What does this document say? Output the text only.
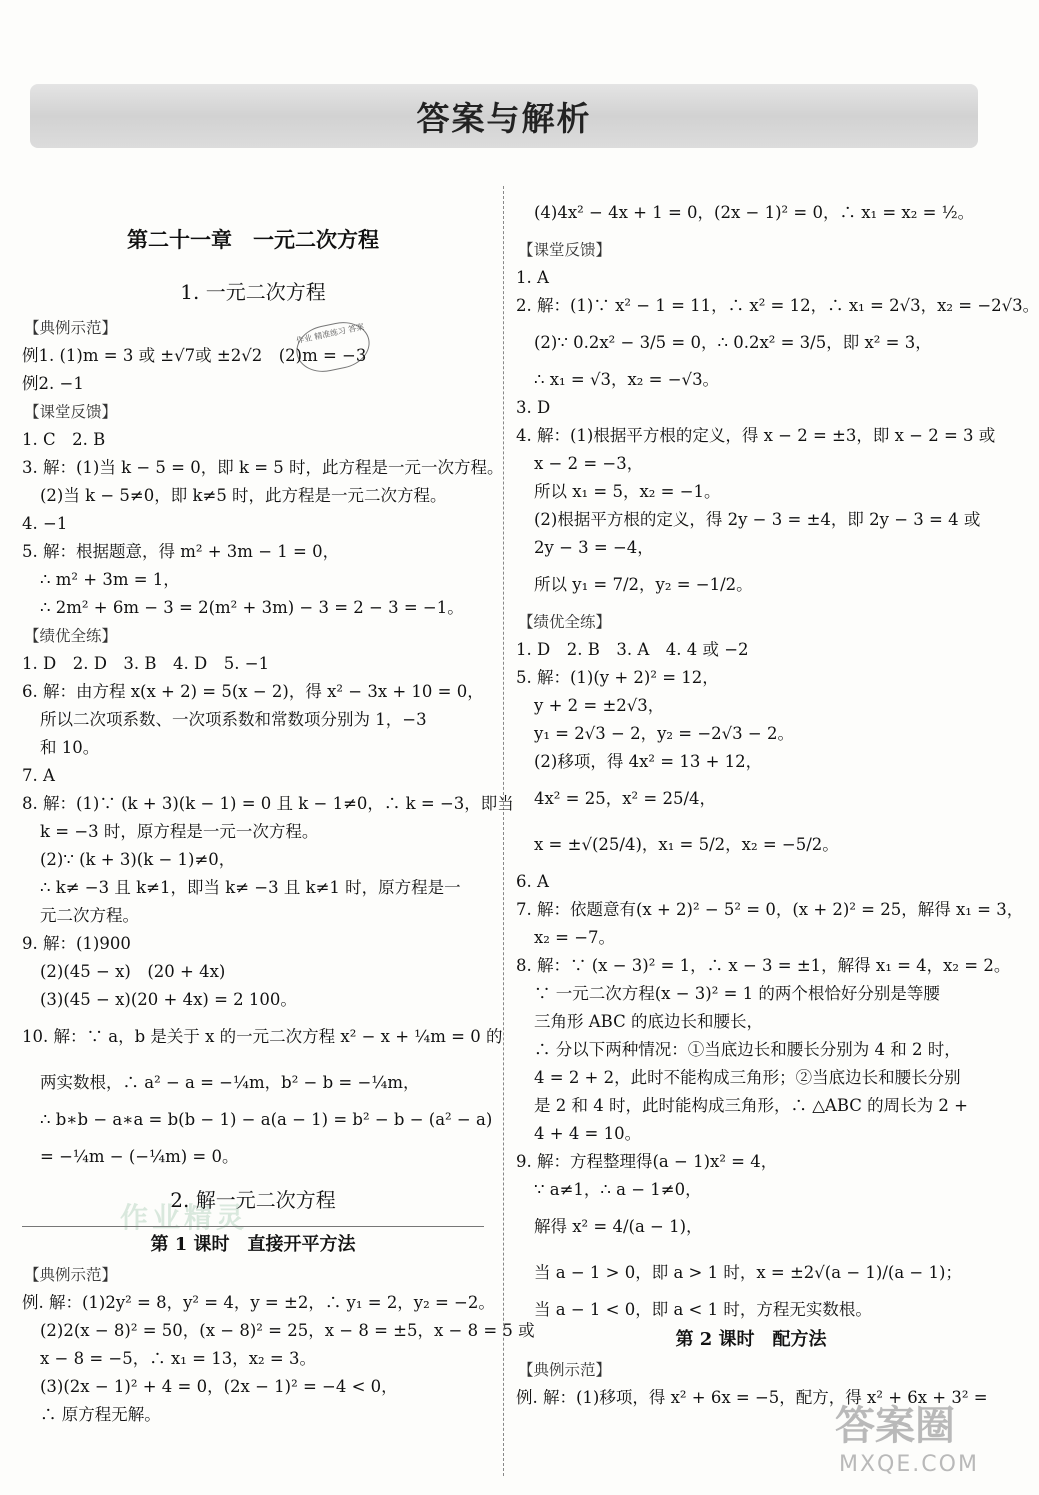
答案与解析
作业 精准练习 答案
作业精灵
答案圈
MXQE.COM
第二十一章　一元二次方程
1. 一元二次方程
【 典例示范 】
例1. (1)m = 3 或 ±√7或 ±2√2　(2)m = −3
例2. −1
【 课堂反馈 】
1. C　2. B
3. 解：(1)当 k − 5 = 0，即 k = 5 时，此方程是一元一次方程。
(2)当 k − 5≠0，即 k≠5 时，此方程是一元二次方程。
4. −1
5. 解：根据题意，得 m² + 3m − 1 = 0，
∴ m² + 3m = 1，
∴ 2m² + 6m − 3 = 2(m² + 3m) − 3 = 2 − 3 = −1。
【 绩优全练 】
1. D　2. D　3. B　4. D　5. −1
6. 解：由方程 x(x + 2) = 5(x − 2)，得 x² − 3x + 10 = 0，
所以二次项系数、一次项系数和常数项分别为 1，−3
和 10。
7. A
8. 解：(1)∵ (k + 3)(k − 1) = 0 且 k − 1≠0，∴ k = −3，即当
k = −3 时，原方程是一元一次方程。
(2)∵ (k + 3)(k − 1)≠0，
∴ k≠ −3 且 k≠1，即当 k≠ −3 且 k≠1 时，原方程是一
元二次方程。
9. 解：(1)900
(2)(45 − x)　(20 + 4x)
(3)(45 − x)(20 + 4x) = 2 100。
10. 解：∵ a，b 是关于 x 的一元二次方程 x² − x + ¼m = 0 的
两实数根，∴ a² − a = −¼m，b² − b = −¼m，
∴ b∗b − a∗a = b(b − 1) − a(a − 1) = b² − b − (a² − a)
= −¼m − (−¼m) = 0。
2. 解一元二次方程
第 1 课时　直接开平方法
【 典例示范 】
例. 解：(1)2y² = 8，y² = 4，y = ±2，∴ y₁ = 2，y₂ = −2。
(2)2(x − 8)² = 50，(x − 8)² = 25，x − 8 = ±5，x − 8 = 5 或
x − 8 = −5，∴ x₁ = 13，x₂ = 3。
(3)(2x − 1)² + 4 = 0，(2x − 1)² = −4 < 0，
∴ 原方程无解。
(4)4x² − 4x + 1 = 0，(2x − 1)² = 0，∴ x₁ = x₂ = ½。
【 课堂反馈 】
1. A
2. 解：(1)∵ x² − 1 = 11，∴ x² = 12，∴ x₁ = 2√3，x₂ = −2√3。
(2)∵ 0.2x² − 3/5 = 0，∴ 0.2x² = 3/5，即 x² = 3，
∴ x₁ = √3，x₂ = −√3。
3. D
4. 解：(1)根据平方根的定义，得 x − 2 = ±3，即 x − 2 = 3 或
x − 2 = −3，
所以 x₁ = 5，x₂ = −1。
(2)根据平方根的定义，得 2y − 3 = ±4，即 2y − 3 = 4 或
2y − 3 = −4，
所以 y₁ = 7/2，y₂ = −1/2。
【 绩优全练 】
1. D　2. B　3. A　4. 4 或 −2
5. 解：(1)(y + 2)² = 12，
y + 2 = ±2√3，
y₁ = 2√3 − 2，y₂ = −2√3 − 2。
(2)移项，得 4x² = 13 + 12，
4x² = 25，x² = 25/4，
x = ±√(25/4)，x₁ = 5/2，x₂ = −5/2。
6. A
7. 解：依题意有(x + 2)² − 5² = 0，(x + 2)² = 25，解得 x₁ = 3，
x₂ = −7。
8. 解：∵ (x − 3)² = 1，∴ x − 3 = ±1，解得 x₁ = 4，x₂ = 2。
∵ 一元二次方程(x − 3)² = 1 的两个根恰好分别是等腰
三角形 ABC 的底边长和腰长，
∴ 分以下两种情况：①当底边长和腰长分别为 4 和 2 时，
4 = 2 + 2，此时不能构成三角形；②当底边长和腰长分别
是 2 和 4 时，此时能构成三角形，∴ △ABC 的周长为 2 +
4 + 4 = 10。
9. 解：方程整理得(a − 1)x² = 4，
∵ a≠1，∴ a − 1≠0，
解得 x² = 4/(a − 1)，
当 a − 1 > 0，即 a > 1 时，x = ±2√(a − 1)/(a − 1)；
当 a − 1 < 0，即 a < 1 时，方程无实数根。
第 2 课时　配方法
【 典例示范 】
例. 解：(1)移项，得 x² + 6x = −5，配方，得 x² + 6x + 3² =
